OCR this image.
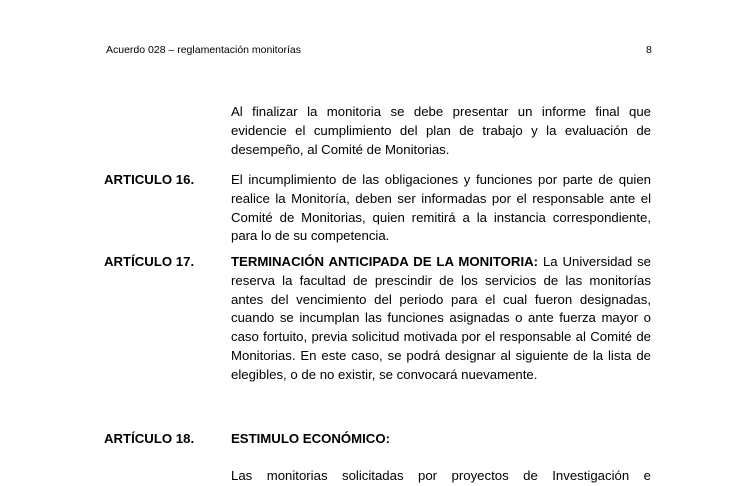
Acuerdo 028 – reglamentación monitorías	8

Al finalizar la monitoria se debe presentar un informe final que evidencie el cumplimiento del plan de trabajo y la evaluación de desempeño, al Comité de Monitorias.

ARTICULO 16.	El incumplimiento de las obligaciones y funciones por parte de quien realice la Monitoría, deben ser informadas por el responsable ante el Comité de Monitorias, quien remitirá a la instancia correspondiente, para lo de su competencia.

ARTÍCULO 17.	TERMINACIÓN ANTICIPADA DE LA MONITORIA: La Universidad se reserva la facultad de prescindir de los servicios de las monitorías antes del vencimiento del periodo para el cual fueron designadas, cuando se incumplan las funciones asignadas o ante fuerza mayor o caso fortuito, previa solicitud motivada por el responsable al Comité de Monitorias. En este caso, se podrá designar al siguiente de la lista de elegibles, o de no existir, se convocará nuevamente.

ARTÍCULO 18.	ESTIMULO ECONÓMICO:

Las monitorias solicitadas por proyectos de Investigación e
